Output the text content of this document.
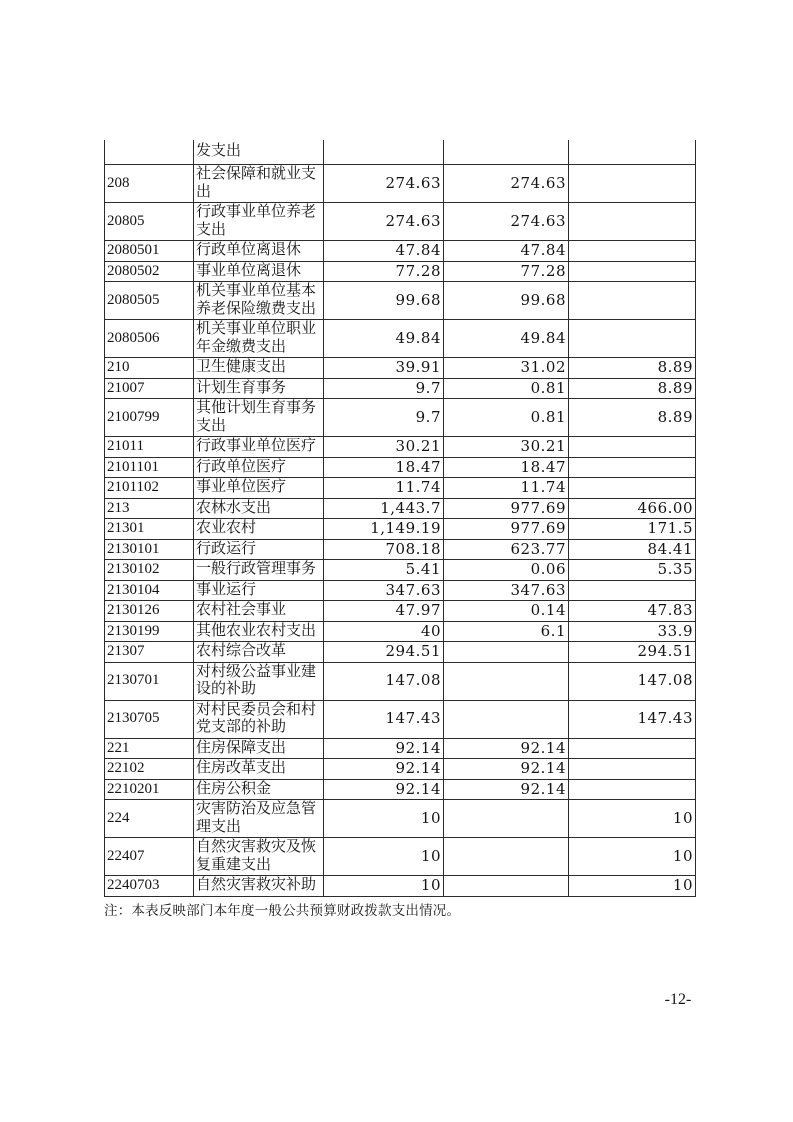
	发支出			
208	社会保障和就业支出	274.63	274.63	
20805	行政事业单位养老支出	274.63	274.63	
2080501	行政单位离退休	47.84	47.84	
2080502	事业单位离退休	77.28	77.28	
2080505	机关事业单位基本养老保险缴费支出	99.68	99.68	
2080506	机关事业单位职业年金缴费支出	49.84	49.84	
210	卫生健康支出	39.91	31.02	8.89
21007	计划生育事务	9.7	0.81	8.89
2100799	其他计划生育事务支出	9.7	0.81	8.89
21011	行政事业单位医疗	30.21	30.21	
2101101	行政单位医疗	18.47	18.47	
2101102	事业单位医疗	11.74	11.74	
213	农林水支出	1,443.7	977.69	466.00
21301	农业农村	1,149.19	977.69	171.5
2130101	行政运行	708.18	623.77	84.41
2130102	一般行政管理事务	5.41	0.06	5.35
2130104	事业运行	347.63	347.63	
2130126	农村社会事业	47.97	0.14	47.83
2130199	其他农业农村支出	40	6.1	33.9
21307	农村综合改革	294.51		294.51
2130701	对村级公益事业建设的补助	147.08		147.08
2130705	对村民委员会和村党支部的补助	147.43		147.43
221	住房保障支出	92.14	92.14	
22102	住房改革支出	92.14	92.14	
2210201	住房公积金	92.14	92.14	
224	灾害防治及应急管理支出	10		10
22407	自然灾害救灾及恢复重建支出	10		10
2240703	自然灾害救灾补助	10		10
注：本表反映部门本年度一般公共预算财政拨款支出情况。
-12-
